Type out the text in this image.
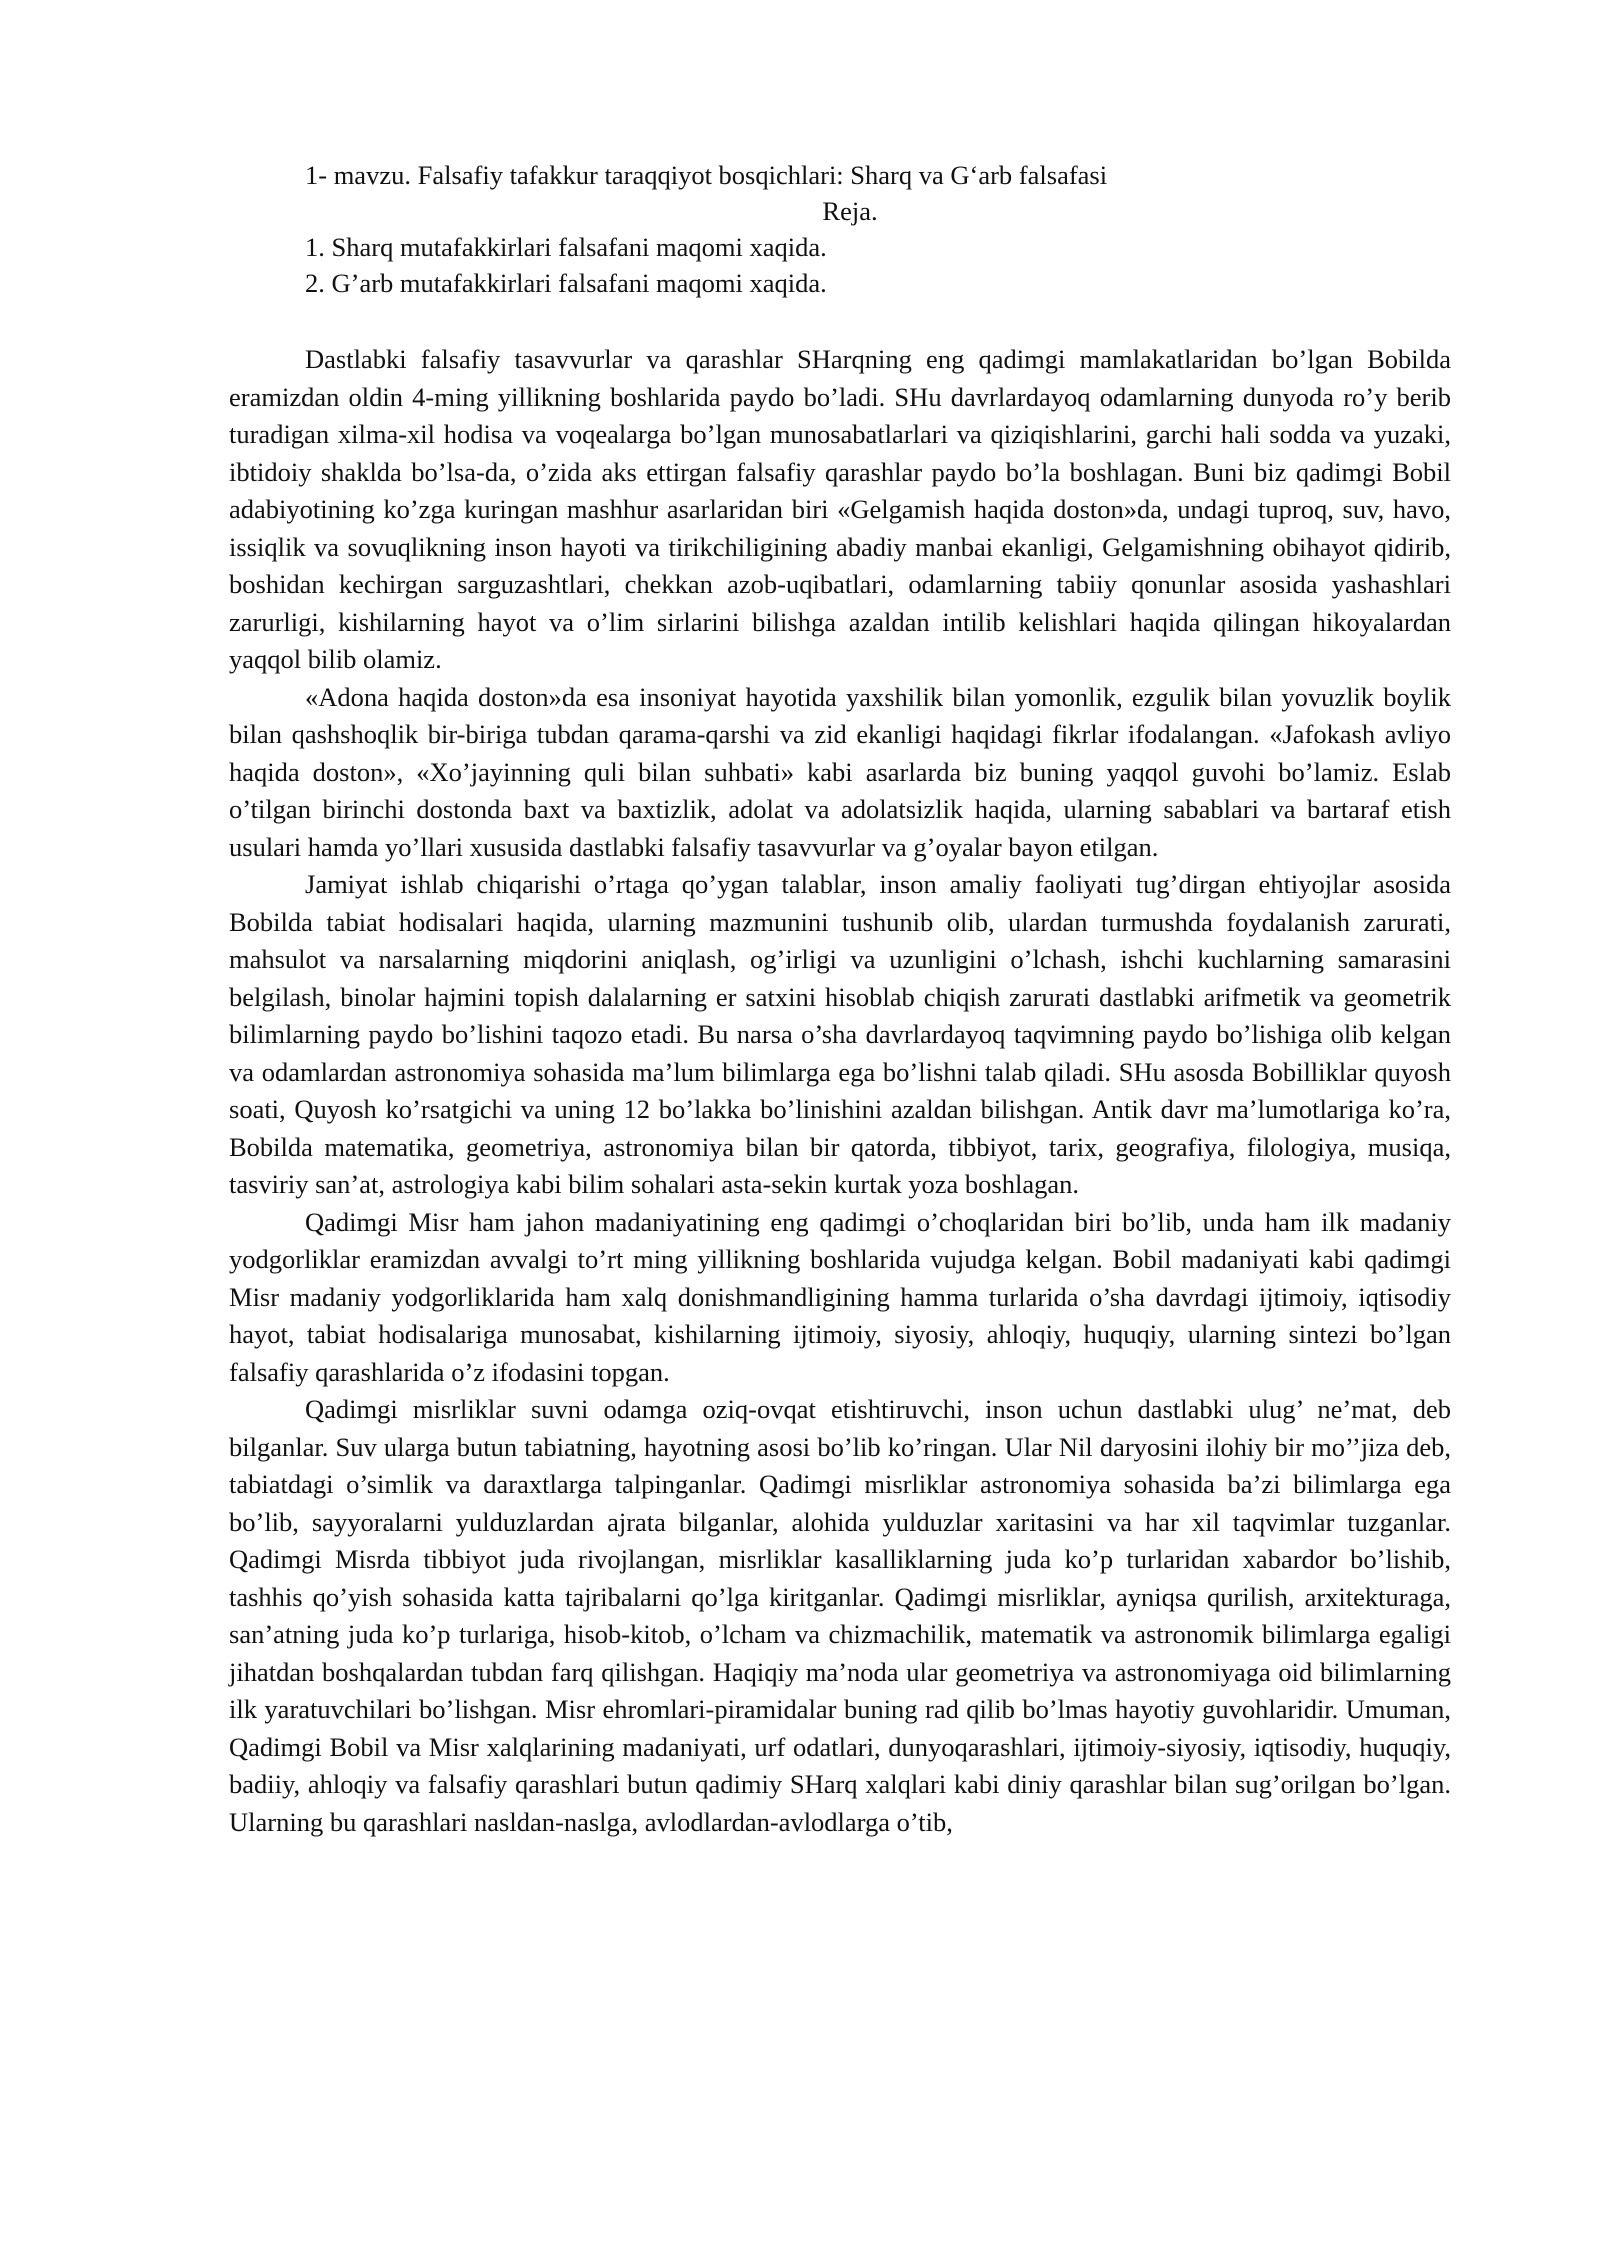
1- mavzu. Falsafiy tafakkur taraqqiyot bosqichlari: Sharq va G‘arb falsafasi
Reja.
1. Sharq mutafakkirlari falsafani maqomi xaqida.
2. G’arb mutafakkirlari falsafani maqomi xaqida.

Dastlabki falsafiy tasavvurlar va qarashlar SHarqning eng qadimgi mamlakatlaridan bo’lgan Bobilda eramizdan oldin 4-ming yillikning boshlarida paydo bo’ladi. SHu davrlardayoq odamlarning dunyoda ro’y berib turadigan xilma-xil hodisa va voqealarga bo’lgan munosabatlarlari va qiziqishlarini, garchi hali sodda va yuzaki, ibtidoiy shaklda bo’lsa-da, o’zida aks ettirgan falsafiy qarashlar paydo bo’la boshlagan. Buni biz qadimgi Bobil adabiyotining ko’zga kuringan mashhur asarlaridan biri «Gelgamish haqida doston»da, undagi tuproq, suv, havo, issiqlik va sovuqlikning inson hayoti va tirikchiligining abadiy manbai ekanligi, Gelgamishning obihayot qidirib, boshidan kechirgan sarguzashtlari, chekkan azob-uqibatlari, odamlarning tabiiy qonunlar asosida yashashlari zarurligi, kishilarning hayot va o’lim sirlarini bilishga azaldan intilib kelishlari haqida qilingan hikoyalardan yaqqol bilib olamiz.

«Adona haqida doston»da esa insoniyat hayotida yaxshilik bilan yomonlik, ezgulik bilan yovuzlik boylik bilan qashshoqlik bir-biriga tubdan qarama-qarshi va zid ekanligi haqidagi fikrlar ifodalangan. «Jafokash avliyo haqida doston», «Xo’jayinning quli bilan suhbati» kabi asarlarda biz buning yaqqol guvohi bo’lamiz. Eslab o’tilgan birinchi dostonda baxt va baxtizlik, adolat va adolatsizlik haqida, ularning sabablari va bartaraf etish usulari hamda yo’llari xususida dastlabki falsafiy tasavvurlar va g’oyalar bayon etilgan.

Jamiyat ishlab chiqarishi o’rtaga qo’ygan talablar, inson amaliy faoliyati tug’dirgan ehtiyojlar asosida Bobilda tabiat hodisalari haqida, ularning mazmunini tushunib olib, ulardan turmushda foydalanish zarurati, mahsulot va narsalarning miqdorini aniqlash, og’irligi va uzunligini o’lchash, ishchi kuchlarning samarasini belgilash, binolar hajmini topish dalalarning er satxini hisoblab chiqish zarurati dastlabki arifmetik va geometrik bilimlarning paydo bo’lishini taqozo etadi. Bu narsa o’sha davrlardayoq taqvimning paydo bo’lishiga olib kelgan va odamlardan astronomiya sohasida ma’lum bilimlarga ega bo’lishni talab qiladi. SHu asosda Bobilliklar quyosh soati, Quyosh ko’rsatgichi va uning 12 bo’lakka bo’linishini azaldan bilishgan. Antik davr ma’lumotlariga ko’ra, Bobilda matematika, geometriya, astronomiya bilan bir qatorda, tibbiyot, tarix, geografiya, filologiya, musiqa, tasviriy san’at, astrologiya kabi bilim sohalari asta-sekin kurtak yoza boshlagan.

Qadimgi Misr ham jahon madaniyatining eng qadimgi o’choqlaridan biri bo’lib, unda ham ilk madaniy yodgorliklar eramizdan avvalgi to’rt ming yillikning boshlarida vujudga kelgan. Bobil madaniyati kabi qadimgi Misr madaniy yodgorliklarida ham xalq donishmandligining hamma turlarida o’sha davrdagi ijtimoiy, iqtisodiy hayot, tabiat hodisalariga munosabat, kishilarning ijtimoiy, siyosiy, ahloqiy, huquqiy, ularning sintezi bo’lgan falsafiy qarashlarida o’z ifodasini topgan.

Qadimgi misrliklar suvni odamga oziq-ovqat etishtiruvchi, inson uchun dastlabki ulug’ ne’mat, deb bilganlar. Suv ularga butun tabiatning, hayotning asosi bo’lib ko’ringan. Ular Nil daryosini ilohiy bir mo’’jiza deb, tabiatdagi o’simlik va daraxtlarga talpinganlar. Qadimgi misrliklar astronomiya sohasida ba’zi bilimlarga ega bo’lib, sayyoralarni yulduzlardan ajrata bilganlar, alohida yulduzlar xaritasini va har xil taqvimlar tuzganlar. Qadimgi Misrda tibbiyot juda rivojlangan, misrliklar kasalliklarning juda ko’p turlaridan xabardor bo’lishib, tashhis qo’yish sohasida katta tajribalarni qo’lga kiritganlar. Qadimgi misrliklar, ayniqsa qurilish, arxitekturaga, san’atning juda ko’p turlariga, hisob-kitob, o’lcham va chizmachilik, matematik va astronomik bilimlarga egaligi jihatdan boshqalardan tubdan farq qilishgan. Haqiqiy ma’noda ular geometriya va astronomiyaga oid bilimlarning ilk yaratuvchilari bo’lishgan. Misr ehromlari-piramidalar buning rad qilib bo’lmas hayotiy guvohlaridir. Umuman, Qadimgi Bobil va Misr xalqlarining madaniyati, urf odatlari, dunyoqarashlari, ijtimoiy-siyosiy, iqtisodiy, huquqiy, badiiy, ahloqiy va falsafiy qarashlari butun qadimiy SHarq xalqlari kabi diniy qarashlar bilan sug’orilgan bo’lgan. Ularning bu qarashlari nasldan-naslga, avlodlardan-avlodlarga o’tib,
